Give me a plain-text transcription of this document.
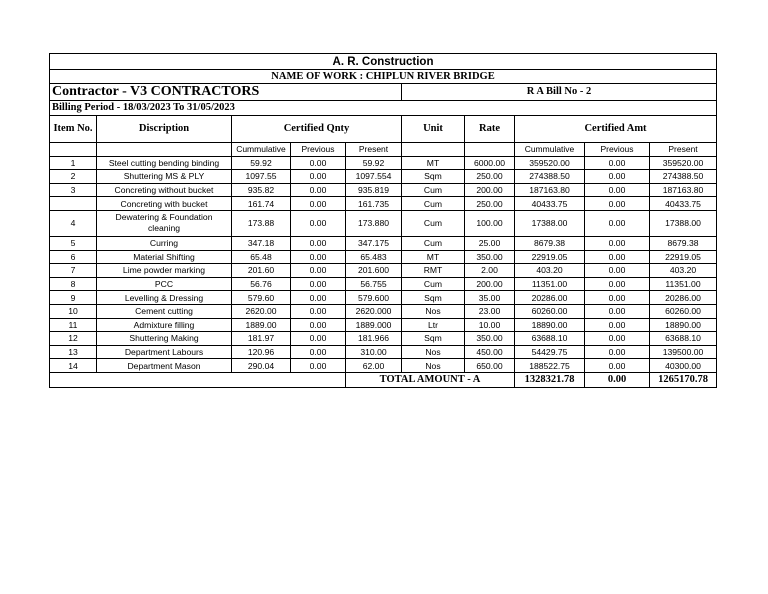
A. R. Construction									
NAME OF WORK : CHIPLUN RIVER BRIDGE									
Contractor - V3 CONTRACTORS					R A Bill No - 2				
Billing Period - 18/03/2023 To 31/05/2023									
Item No.	Discription	Certified Qnty			Unit	Rate	Certified Amt		
		Cummulative	Previous	Present			Cummulative	Previous	Present
1	Steel cutting bending binding	59.92	0.00	59.92	MT	6000.00	359520.00	0.00	359520.00
2	Shuttering MS & PLY	1097.55	0.00	1097.554	Sqm	250.00	274388.50	0.00	274388.50
3	Concreting without bucket	935.82	0.00	935.819	Cum	200.00	187163.80	0.00	187163.80
	Concreting with bucket	161.74	0.00	161.735	Cum	250.00	40433.75	0.00	40433.75
4	Dewatering & Foundation cleaning	173.88	0.00	173.880	Cum	100.00	17388.00	0.00	17388.00
5	Curring	347.18	0.00	347.175	Cum	25.00	8679.38	0.00	8679.38
6	Material Shifting	65.48	0.00	65.483	MT	350.00	22919.05	0.00	22919.05
7	Lime powder marking	201.60	0.00	201.600	RMT	2.00	403.20	0.00	403.20
8	PCC	56.76	0.00	56.755	Cum	200.00	11351.00	0.00	11351.00
9	Levelling & Dressing	579.60	0.00	579.600	Sqm	35.00	20286.00	0.00	20286.00
10	Cement cutting	2620.00	0.00	2620.000	Nos	23.00	60260.00	0.00	60260.00
11	Admixture filling	1889.00	0.00	1889.000	Ltr	10.00	18890.00	0.00	18890.00
12	Shuttering Making	181.97	0.00	181.966	Sqm	350.00	63688.10	0.00	63688.10
13	Department Labours	120.96	0.00	310.00	Nos	450.00	54429.75	0.00	139500.00
14	Department Mason	290.04	0.00	62.00	Nos	650.00	188522.75	0.00	40300.00
				TOTAL AMOUNT - A			1328321.78	0.00	1265170.78
